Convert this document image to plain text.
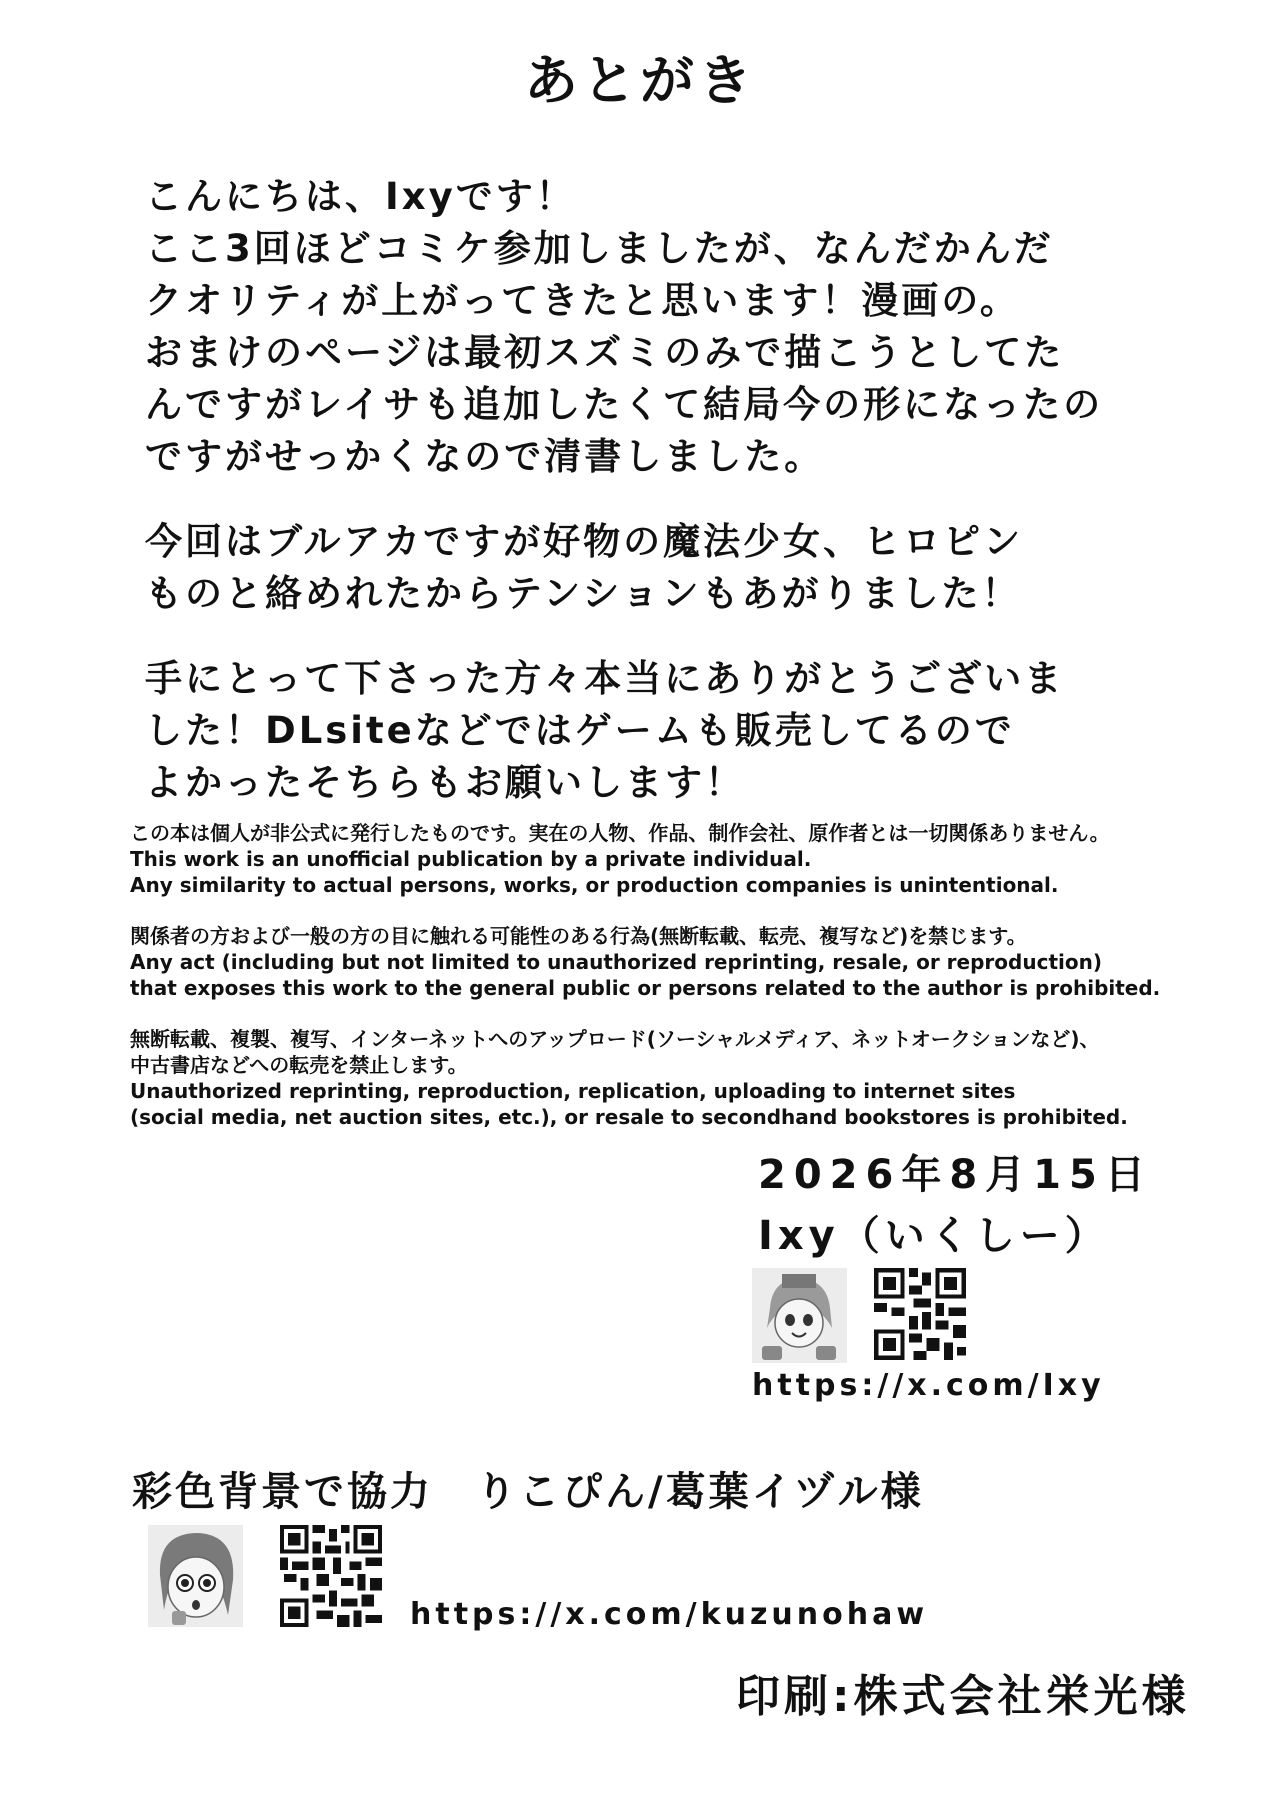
あとがき
こんにちは、Ixyです！
ここ3回ほどコミケ参加しましたが、なんだかんだ
クオリティが上がってきたと思います！漫画の。
おまけのページは最初スズミのみで描こうとしてた
んですがレイサも追加したくて結局今の形になったの
ですがせっかくなので清書しました。
今回はブルアカですが好物の魔法少女、ヒロピン
ものと絡めれたからテンションもあがりました！
手にとって下さった方々本当にありがとうございま
した！DLsiteなどではゲームも販売してるので
よかったそちらもお願いします！
この本は個人が非公式に発行したものです。実在の人物、作品、制作会社、原作者とは一切関係ありません。
This work is an unofficial publication by a private individual.
Any similarity to actual persons, works, or production companies is unintentional.
関係者の方および一般の方の目に触れる可能性のある行為(無断転載、転売、複写など)を禁じます。
Any act (including but not limited to unauthorized reprinting, resale, or reproduction)
that exposes this work to the general public or persons related to the author is prohibited.
無断転載、複製、複写、インターネットへのアップロード(ソーシャルメディア、ネットオークションなど)、
中古書店などへの転売を禁止します。
Unauthorized reprinting, reproduction, replication, uploading to internet sites
(social media, net auction sites, etc.), or resale to secondhand bookstores is prohibited.
2026年8月15日
Ixy（いくしー）
https://x.com/Ixy
彩色背景で協力　りこぴん/葛葉イヅル様
https://x.com/kuzunohaw
印刷:株式会社栄光様
